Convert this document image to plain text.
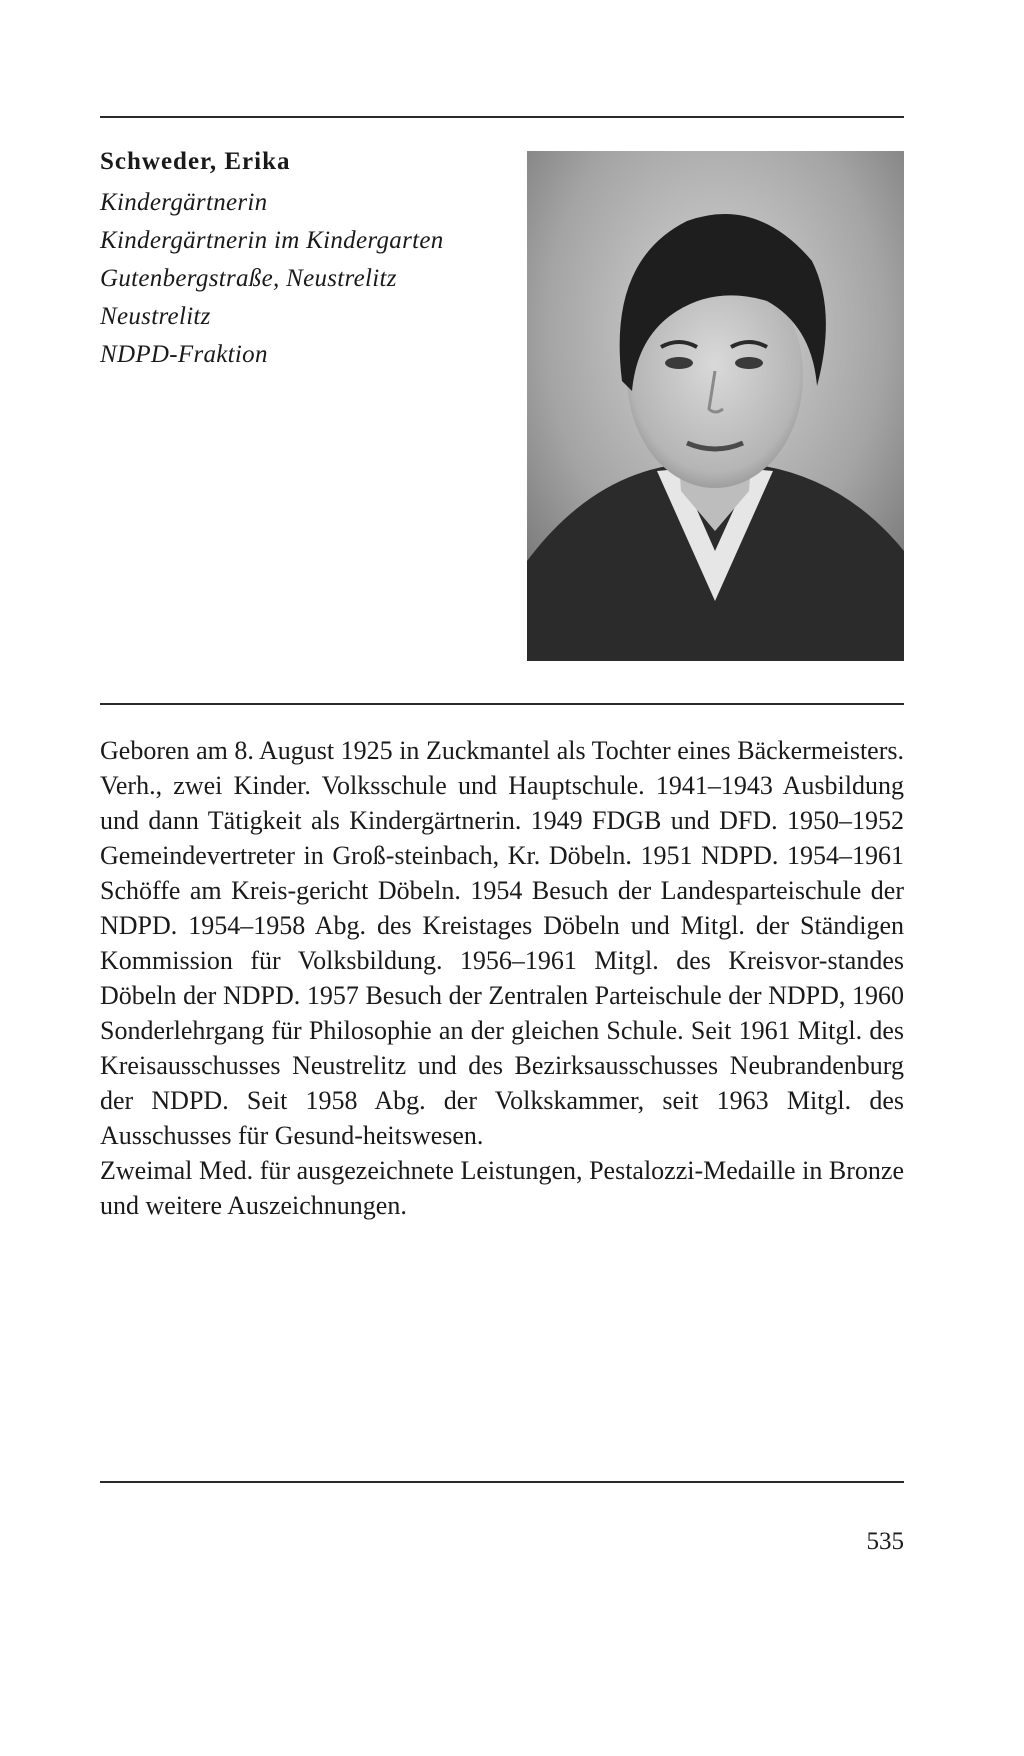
Schweder, Erika

Kindergärtnerin

Kindergärtnerin im Kindergarten

Gutenbergstraße, Neustrelitz

Neustrelitz

NDPD-Fraktion

Geboren am 8. August 1925 in Zuckmantel als Tochter eines Bäckermeisters. Verh., zwei Kinder. Volksschule und Hauptschule. 1941–1943 Ausbildung und dann Tätigkeit als Kindergärtnerin. 1949 FDGB und DFD. 1950–1952 Gemeindevertreter in Groß-steinbach, Kr. Döbeln. 1951 NDPD. 1954–1961 Schöffe am Kreis-gericht Döbeln. 1954 Besuch der Landesparteischule der NDPD. 1954–1958 Abg. des Kreistages Döbeln und Mitgl. der Ständigen Kommission für Volksbildung. 1956–1961 Mitgl. des Kreisvor-standes Döbeln der NDPD. 1957 Besuch der Zentralen Parteischule der NDPD, 1960 Sonderlehrgang für Philosophie an der gleichen Schule. Seit 1961 Mitgl. des Kreisausschusses Neustrelitz und des Bezirksausschusses Neubrandenburg der NDPD. Seit 1958 Abg. der Volkskammer, seit 1963 Mitgl. des Ausschusses für Gesund-heitswesen.

Zweimal Med. für ausgezeichnete Leistungen, Pestalozzi-Medaille in Bronze und weitere Auszeichnungen.

535
